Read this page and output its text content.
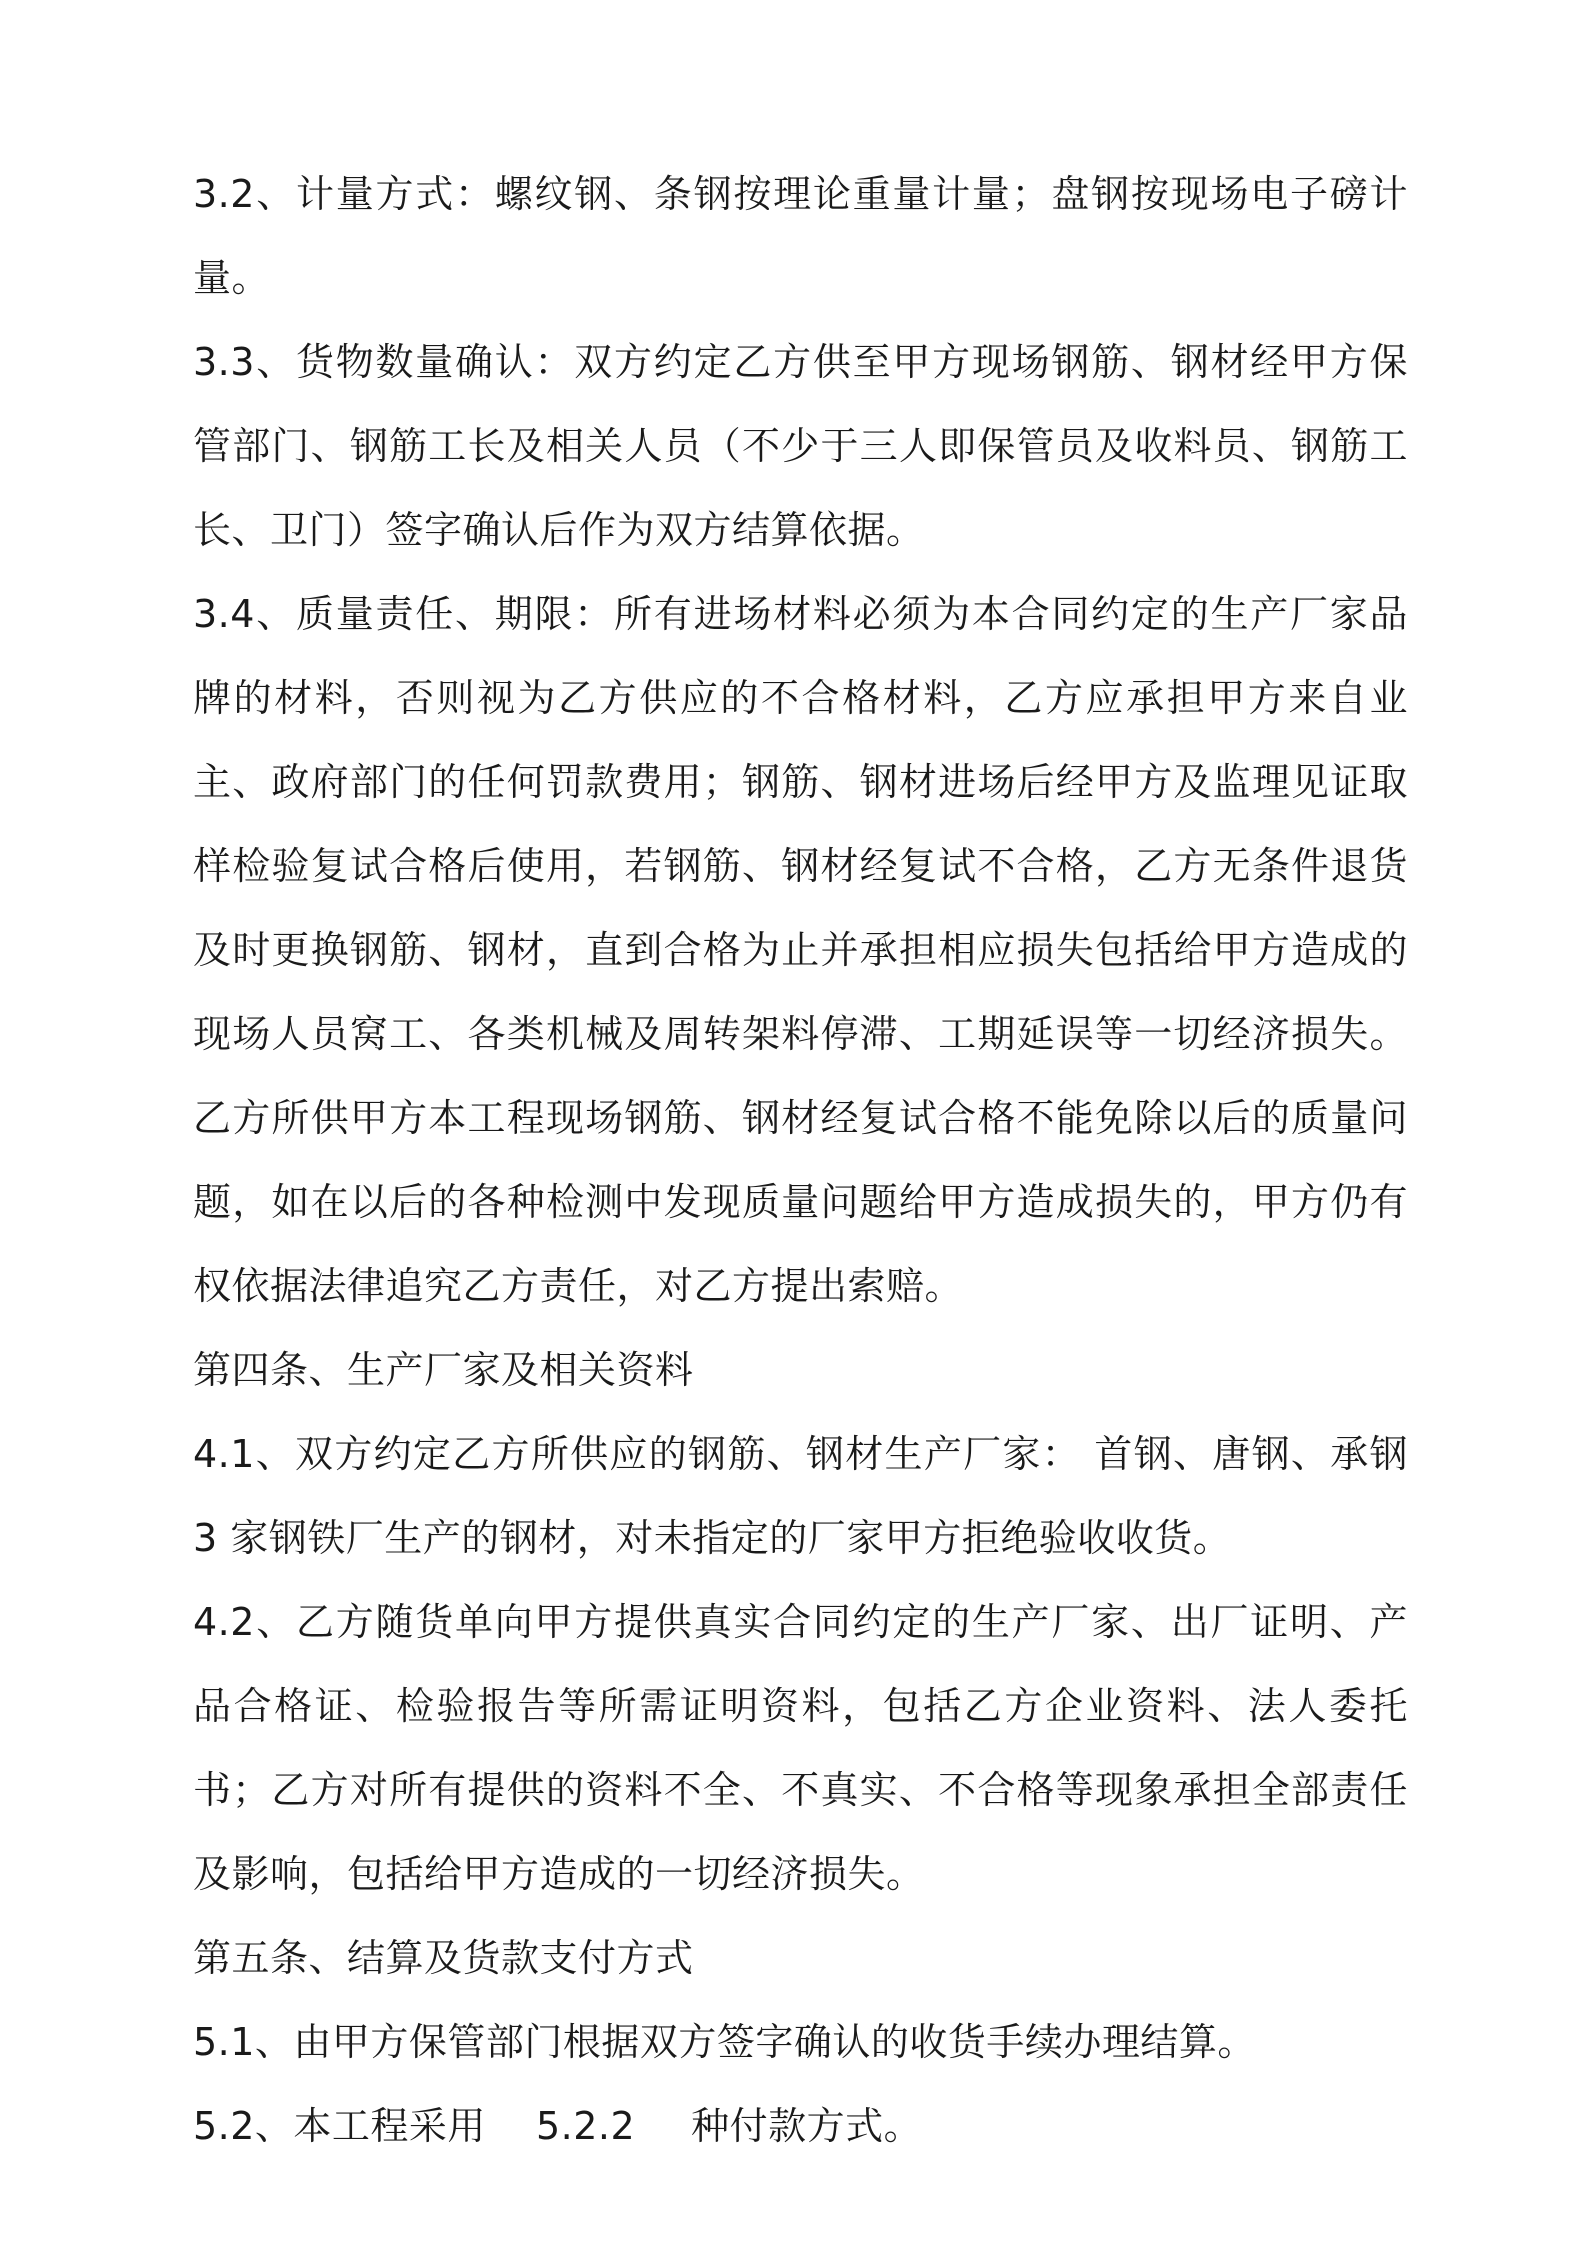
3.2、计量方式：螺纹钢、条钢按理论重量计量；盘钢按现场电子磅计量。

3.3、货物数量确认：双方约定乙方供至甲方现场钢筋、钢材经甲方保管部门、钢筋工长及相关人员（不少于三人即保管员及收料员、钢筋工长、卫门）签字确认后作为双方结算依据。

3.4、质量责任、期限：所有进场材料必须为本合同约定的生产厂家品牌的材料，否则视为乙方供应的不合格材料，乙方应承担甲方来自业主、政府部门的任何罚款费用；钢筋、钢材进场后经甲方及监理见证取样检验复试合格后使用，若钢筋、钢材经复试不合格，乙方无条件退货及时更换钢筋、钢材，直到合格为止并承担相应损失包括给甲方造成的现场人员窝工、各类机械及周转架料停滞、工期延误等一切经济损失。乙方所供甲方本工程现场钢筋、钢材经复试合格不能免除以后的质量问题，如在以后的各种检测中发现质量问题给甲方造成损失的，甲方仍有权依据法律追究乙方责任，对乙方提出索赔。

第四条、生产厂家及相关资料

4.1、双方约定乙方所供应的钢筋、钢材生产厂家： 首钢、唐钢、承钢 3 家钢铁厂生产的钢材，对未指定的厂家甲方拒绝验收收货。

4.2、乙方随货单向甲方提供真实合同约定的生产厂家、出厂证明、产品合格证、检验报告等所需证明资料，包括乙方企业资料、法人委托书；乙方对所有提供的资料不全、不真实、不合格等现象承担全部责任及影响，包括给甲方造成的一切经济损失。

第五条、结算及货款支付方式

5.1、由甲方保管部门根据双方签字确认的收货手续办理结算。

5.2、本工程采用 5.2.2 种付款方式。
